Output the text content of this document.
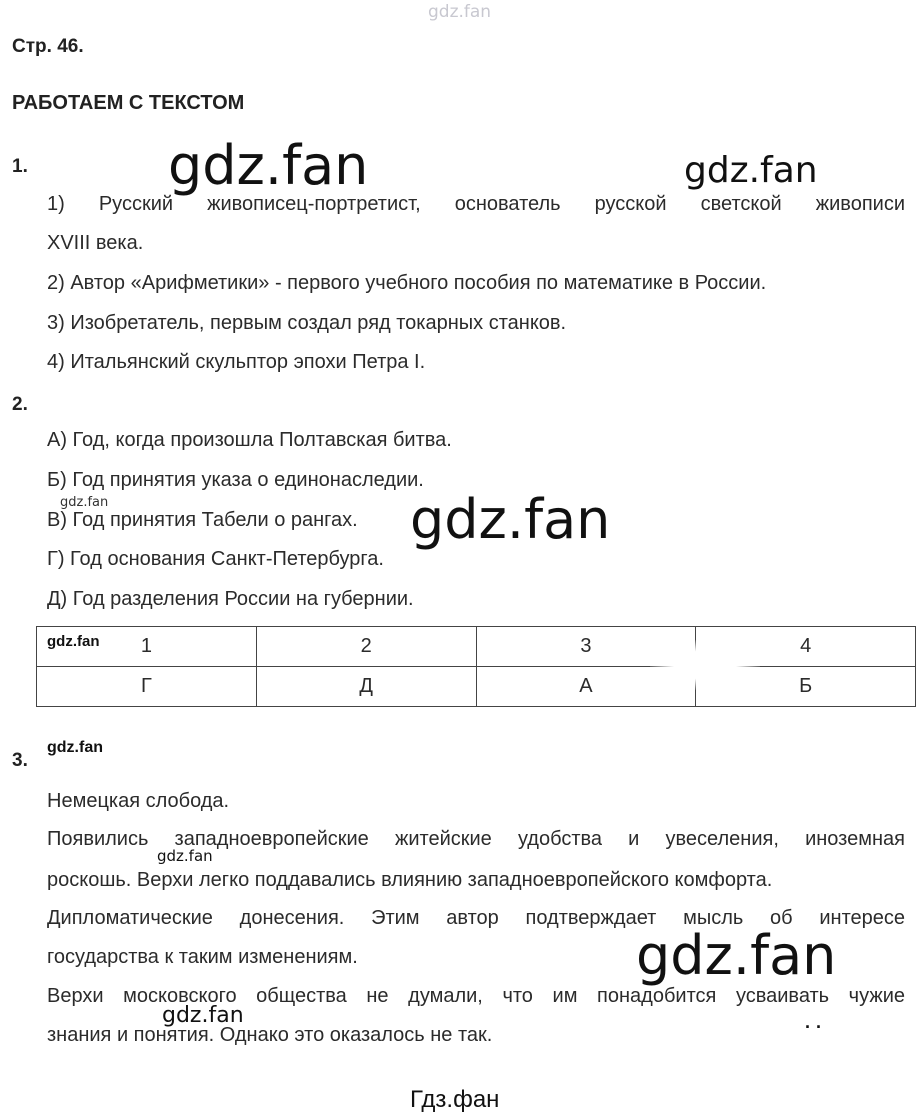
gdz.fan
Стр. 46.
РАБОТАЕМ С ТЕКСТОМ
1.	gdz.fan	gdz.fan
1) Русский живописец-портретист, основатель русской светской живописи
XVIII века.
2) Автор «Арифметики» - первого учебного пособия по математике в России.
3) Изобретатель, первым создал ряд токарных станков.
4) Итальянский скульптор эпохи Петра I.
2.
А) Год, когда произошла Полтавская битва.
Б) Год принятия указа о единонаследии.
gdz.fan
В) Год принятия Табели о рангах. gdz.fan
Г) Год основания Санкт-Петербурга.
Д) Год разделения России на губернии.
gdz.fan 1	2	3	4
Г	Д	А	Б
gdz.fan
3.
Немецкая слобода.
Появились западноевропейские житейские удобства и увеселения, иноземная
gdz.fan
роскошь. Верхи легко поддавались влиянию западноевропейского комфорта.
Дипломатические донесения. Этим автор подтверждает мысль об интересе
государства к таким изменениям.	gdz.fan
Верхи московского общества не думали, что им понадобится усваивать чужие
gdz.fan
знания и понятия. Однако это оказалось не так.
..
Гдз.фан
